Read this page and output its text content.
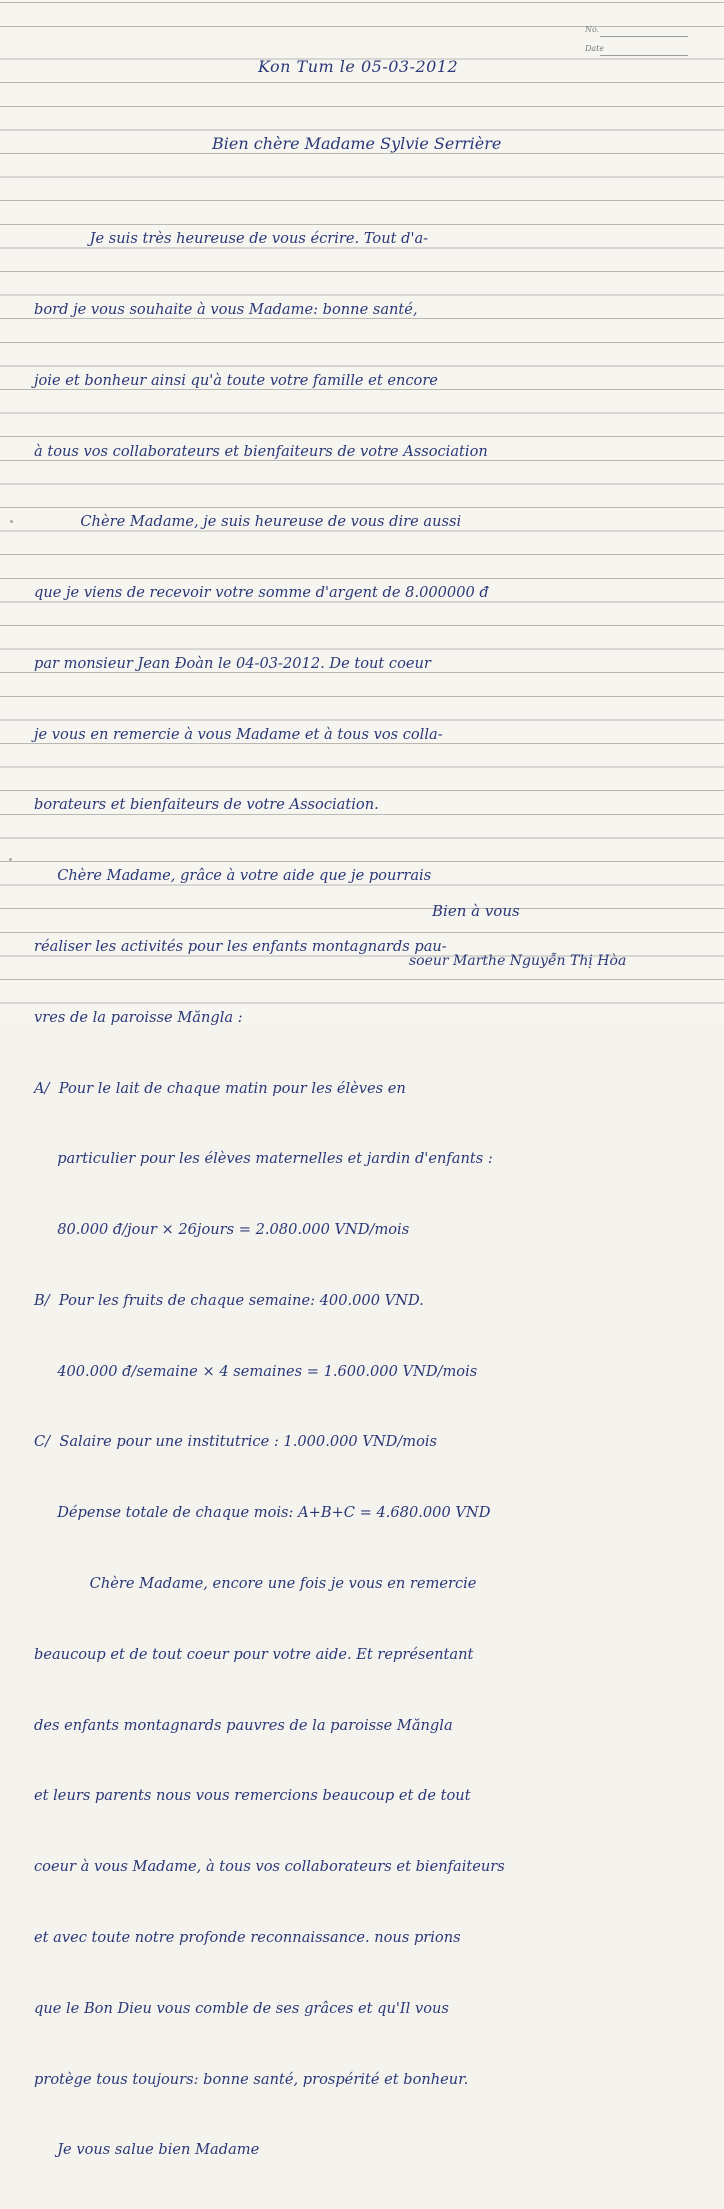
No.
Date

Kon Tum le 05-03-2012

Bien chère Madame Sylvie Serrière

Je suis très heureuse de vous écrire. Tout d'a-

bord je vous souhaite à vous Madame: bonne santé,

joie et bonheur ainsi qu'à toute votre famille et encore

à tous vos collaborateurs et bienfaiteurs de votre Association

Chère Madame, je suis heureuse de vous dire aussi

que je viens de recevoir votre somme d'argent de 8.000000 đ

par monsieur Jean Đoàn le 04-03-2012. De tout coeur

je vous en remercie à vous Madame et à tous vos colla-

borateurs et bienfaiteurs de votre Association.

Chère Madame, grâce à votre aide que je pourrais

réaliser les activités pour les enfants montagnards pau-

vres de la paroisse Măngla :

A/  Pour le lait de chaque matin pour les élèves en

particulier pour les élèves maternelles et jardin d'enfants :

80.000 đ/jour × 26jours = 2.080.000 VND/mois

B/  Pour les fruits de chaque semaine: 400.000 VND.

400.000 đ/semaine × 4 semaines = 1.600.000 VND/mois

C/  Salaire pour une institutrice : 1.000.000 VND/mois

Dépense totale de chaque mois: A+B+C = 4.680.000 VND

Chère Madame, encore une fois je vous en remercie

beaucoup et de tout coeur pour votre aide. Et représentant

des enfants montagnards pauvres de la paroisse Măngla

et leurs parents nous vous remercions beaucoup et de tout

coeur à vous Madame, à tous vos collaborateurs et bienfaiteurs

et avec toute notre profonde reconnaissance. nous prions

que le Bon Dieu vous comble de ses grâces et qu'Il vous

protège tous toujours: bonne santé, prospérité et bonheur.

Je vous salue bien Madame

Bien à vous

soeur Marthe Nguyễn Thị Hòa
